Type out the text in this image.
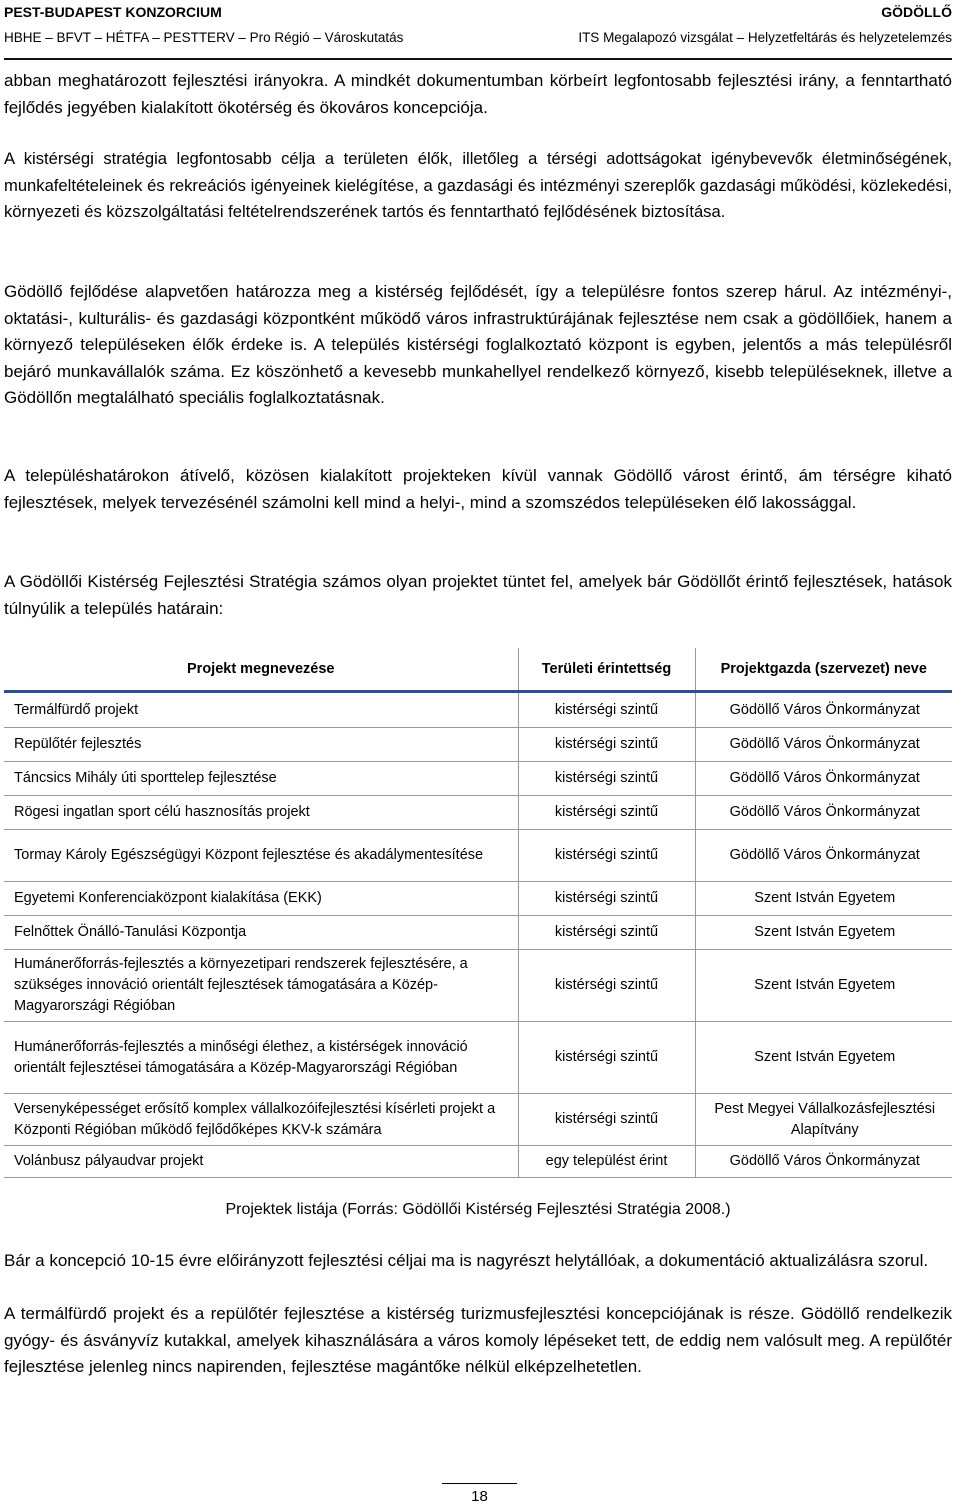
PEST-BUDAPEST KONZORCIUM	GÖDÖLLŐ
HBHE – BFVT – HÉTFA – PESTTERV – Pro Régió – Városkutatás	ITS Megalapozó vizsgálat – Helyzetfeltárás és helyzetelemzés

abban meghatározott fejlesztési irányokra. A mindkét dokumentumban körbeírt legfontosabb fejlesztési irány, a fenntartható fejlődés jegyében kialakított ökotérség és ökováros koncepciója.

A kistérségi stratégia legfontosabb célja a területen élők, illetőleg a térségi adottságokat igénybevevők életminőségének, munkafeltételeinek és rekreációs igényeinek kielégítése, a gazdasági és intézményi szereplők gazdasági működési, közlekedési, környezeti és közszolgáltatási feltételrendszerének tartós és fenntartható fejlődésének biztosítása.

Gödöllő fejlődése alapvetően határozza meg a kistérség fejlődését, így a településre fontos szerep hárul. Az intézményi-, oktatási-, kulturális- és gazdasági központként működő város infrastruktúrájának fejlesztése nem csak a gödöllőiek, hanem a környező településeken élők érdeke is. A település kistérségi foglalkoztató központ is egyben, jelentős a más településről bejáró munkavállalók száma. Ez köszönhető a kevesebb munkahellyel rendelkező környező, kisebb településeknek, illetve a Gödöllőn megtalálható speciális foglalkoztatásnak.

A településhatárokon átívelő, közösen kialakított projekteken kívül vannak Gödöllő várost érintő, ám térségre kiható fejlesztések, melyek tervezésénél számolni kell mind a helyi-, mind a szomszédos településeken élő lakossággal.

A Gödöllői Kistérség Fejlesztési Stratégia számos olyan projektet tüntet fel, amelyek bár Gödöllőt érintő fejlesztések, hatások túlnyúlik a település határain:

Projekt megnevezése	Területi érintettség	Projektgazda (szervezet) neve
Termálfürdő projekt	kistérségi szintű	Gödöllő Város Önkormányzat
Repülőtér fejlesztés	kistérségi szintű	Gödöllő Város Önkormányzat
Táncsics Mihály úti sporttelep fejlesztése	kistérségi szintű	Gödöllő Város Önkormányzat
Rögesi ingatlan sport célú hasznosítás projekt	kistérségi szintű	Gödöllő Város Önkormányzat
Tormay Károly Egészségügyi Központ fejlesztése és akadálymentesítése	kistérségi szintű	Gödöllő Város Önkormányzat
Egyetemi Konferenciaközpont kialakítása (EKK)	kistérségi szintű	Szent István Egyetem
Felnőttek Önálló-Tanulási Központja	kistérségi szintű	Szent István Egyetem
Humánerőforrás-fejlesztés a környezetipari rendszerek fejlesztésére, a szükséges innováció orientált fejlesztések támogatására a Közép-Magyarországi Régióban	kistérségi szintű	Szent István Egyetem
Humánerőforrás-fejlesztés a minőségi élethez, a kistérségek innováció orientált fejlesztései támogatására a Közép-Magyarországi Régióban	kistérségi szintű	Szent István Egyetem
Versenyképességet erősítő komplex vállalkozóifejlesztési kísérleti projekt a Központi Régióban működő fejlődőképes KKV-k számára	kistérségi szintű	Pest Megyei Vállalkozásfejlesztési Alapítvány
Volánbusz pályaudvar projekt	egy települést érint	Gödöllő Város Önkormányzat
Projektek listája (Forrás: Gödöllői Kistérség Fejlesztési Stratégia 2008.)

Bár a koncepció 10-15 évre előirányzott fejlesztési céljai ma is nagyrészt helytállóak, a dokumentáció aktualizálásra szorul.

A termálfürdő projekt és a repülőtér fejlesztése a kistérség turizmusfejlesztési koncepciójának is része. Gödöllő rendelkezik gyógy- és ásványvíz kutakkal, amelyek kihasználására a város komoly lépéseket tett, de eddig nem valósult meg. A repülőtér fejlesztése jelenleg nincs napirenden, fejlesztése magántőke nélkül elképzelhetetlen.

18
